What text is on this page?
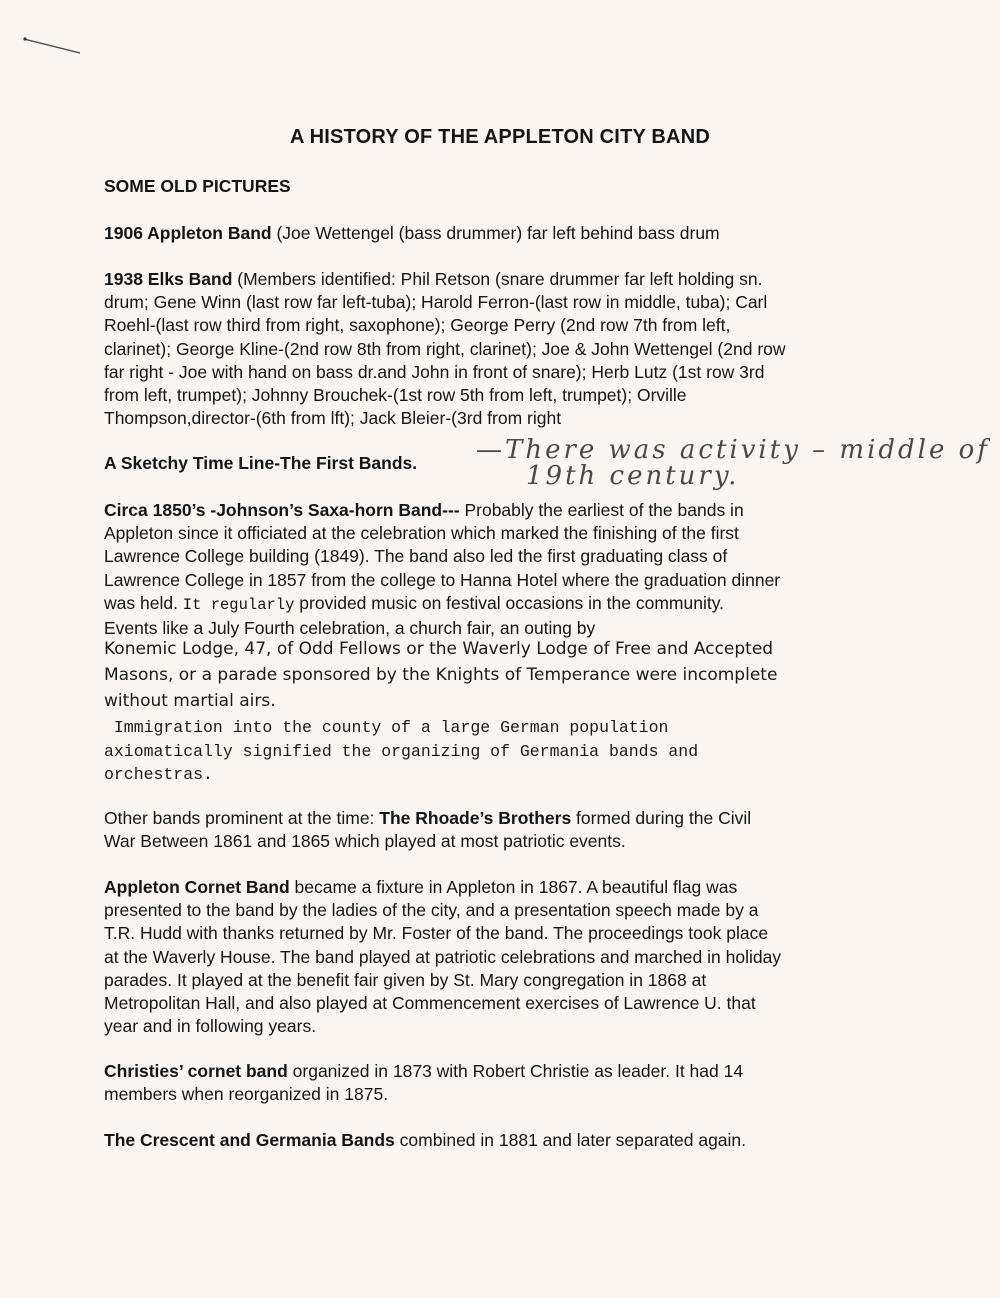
A HISTORY OF THE APPLETON CITY BAND
SOME OLD PICTURES

1906 Appleton Band (Joe Wettengel (bass drummer) far left behind bass drum

1938 Elks Band (Members identified: Phil Retson (snare drummer far left holding sn.
drum; Gene Winn (last row far left-tuba); Harold Ferron-(last row in middle, tuba); Carl
Roehl-(last row third from right, saxophone); George Perry (2nd row 7th from left,
clarinet); George Kline-(2nd row 8th from right, clarinet); Joe & John Wettengel (2nd row
far right - Joe with hand on bass dr.and John in front of snare); Herb Lutz (1st row 3rd
from left, trumpet); Johnny Brouchek-(1st row 5th from left, trumpet); Orville
Thompson,director-(6th from lft); Jack Bleier-(3rd from right

A Sketchy Time Line-The First Bands.	—There was activity – middle of
19th century.

Circa 1850’s -Johnson’s Saxa-horn Band--- Probably the earliest of the bands in
Appleton since it officiated at the celebration which marked the finishing of the first
Lawrence College building (1849). The band also led the first graduating class of
Lawrence College in 1857 from the college to Hanna Hotel where the graduation dinner
was held. It regularly provided music on festival occasions in the community.
Events like a July Fourth celebration, a church fair, an outing by

Konemic Lodge, 47, of Odd Fellows or the Waverly Lodge of Free and Accepted
Masons, or a parade sponsored by the Knights of Temperance were incomplete
without martial airs.

Immigration into the county of a large German population
axiomatically signified the organizing of Germania bands and
orchestras.

Other bands prominent at the time: The Rhoade’s Brothers formed during the Civil
War Between 1861 and 1865 which played at most patriotic events.

Appleton Cornet Band became a fixture in Appleton in 1867. A beautiful flag was
presented to the band by the ladies of the city, and a presentation speech made by a
T.R. Hudd with thanks returned by Mr. Foster of the band. The proceedings took place
at the Waverly House. The band played at patriotic celebrations and marched in holiday
parades. It played at the benefit fair given by St. Mary congregation in 1868 at
Metropolitan Hall, and also played at Commencement exercises of Lawrence U. that
year and in following years.

Christies’ cornet band organized in 1873 with Robert Christie as leader. It had 14
members when reorganized in 1875.

The Crescent and Germania Bands combined in 1881 and later separated again.
